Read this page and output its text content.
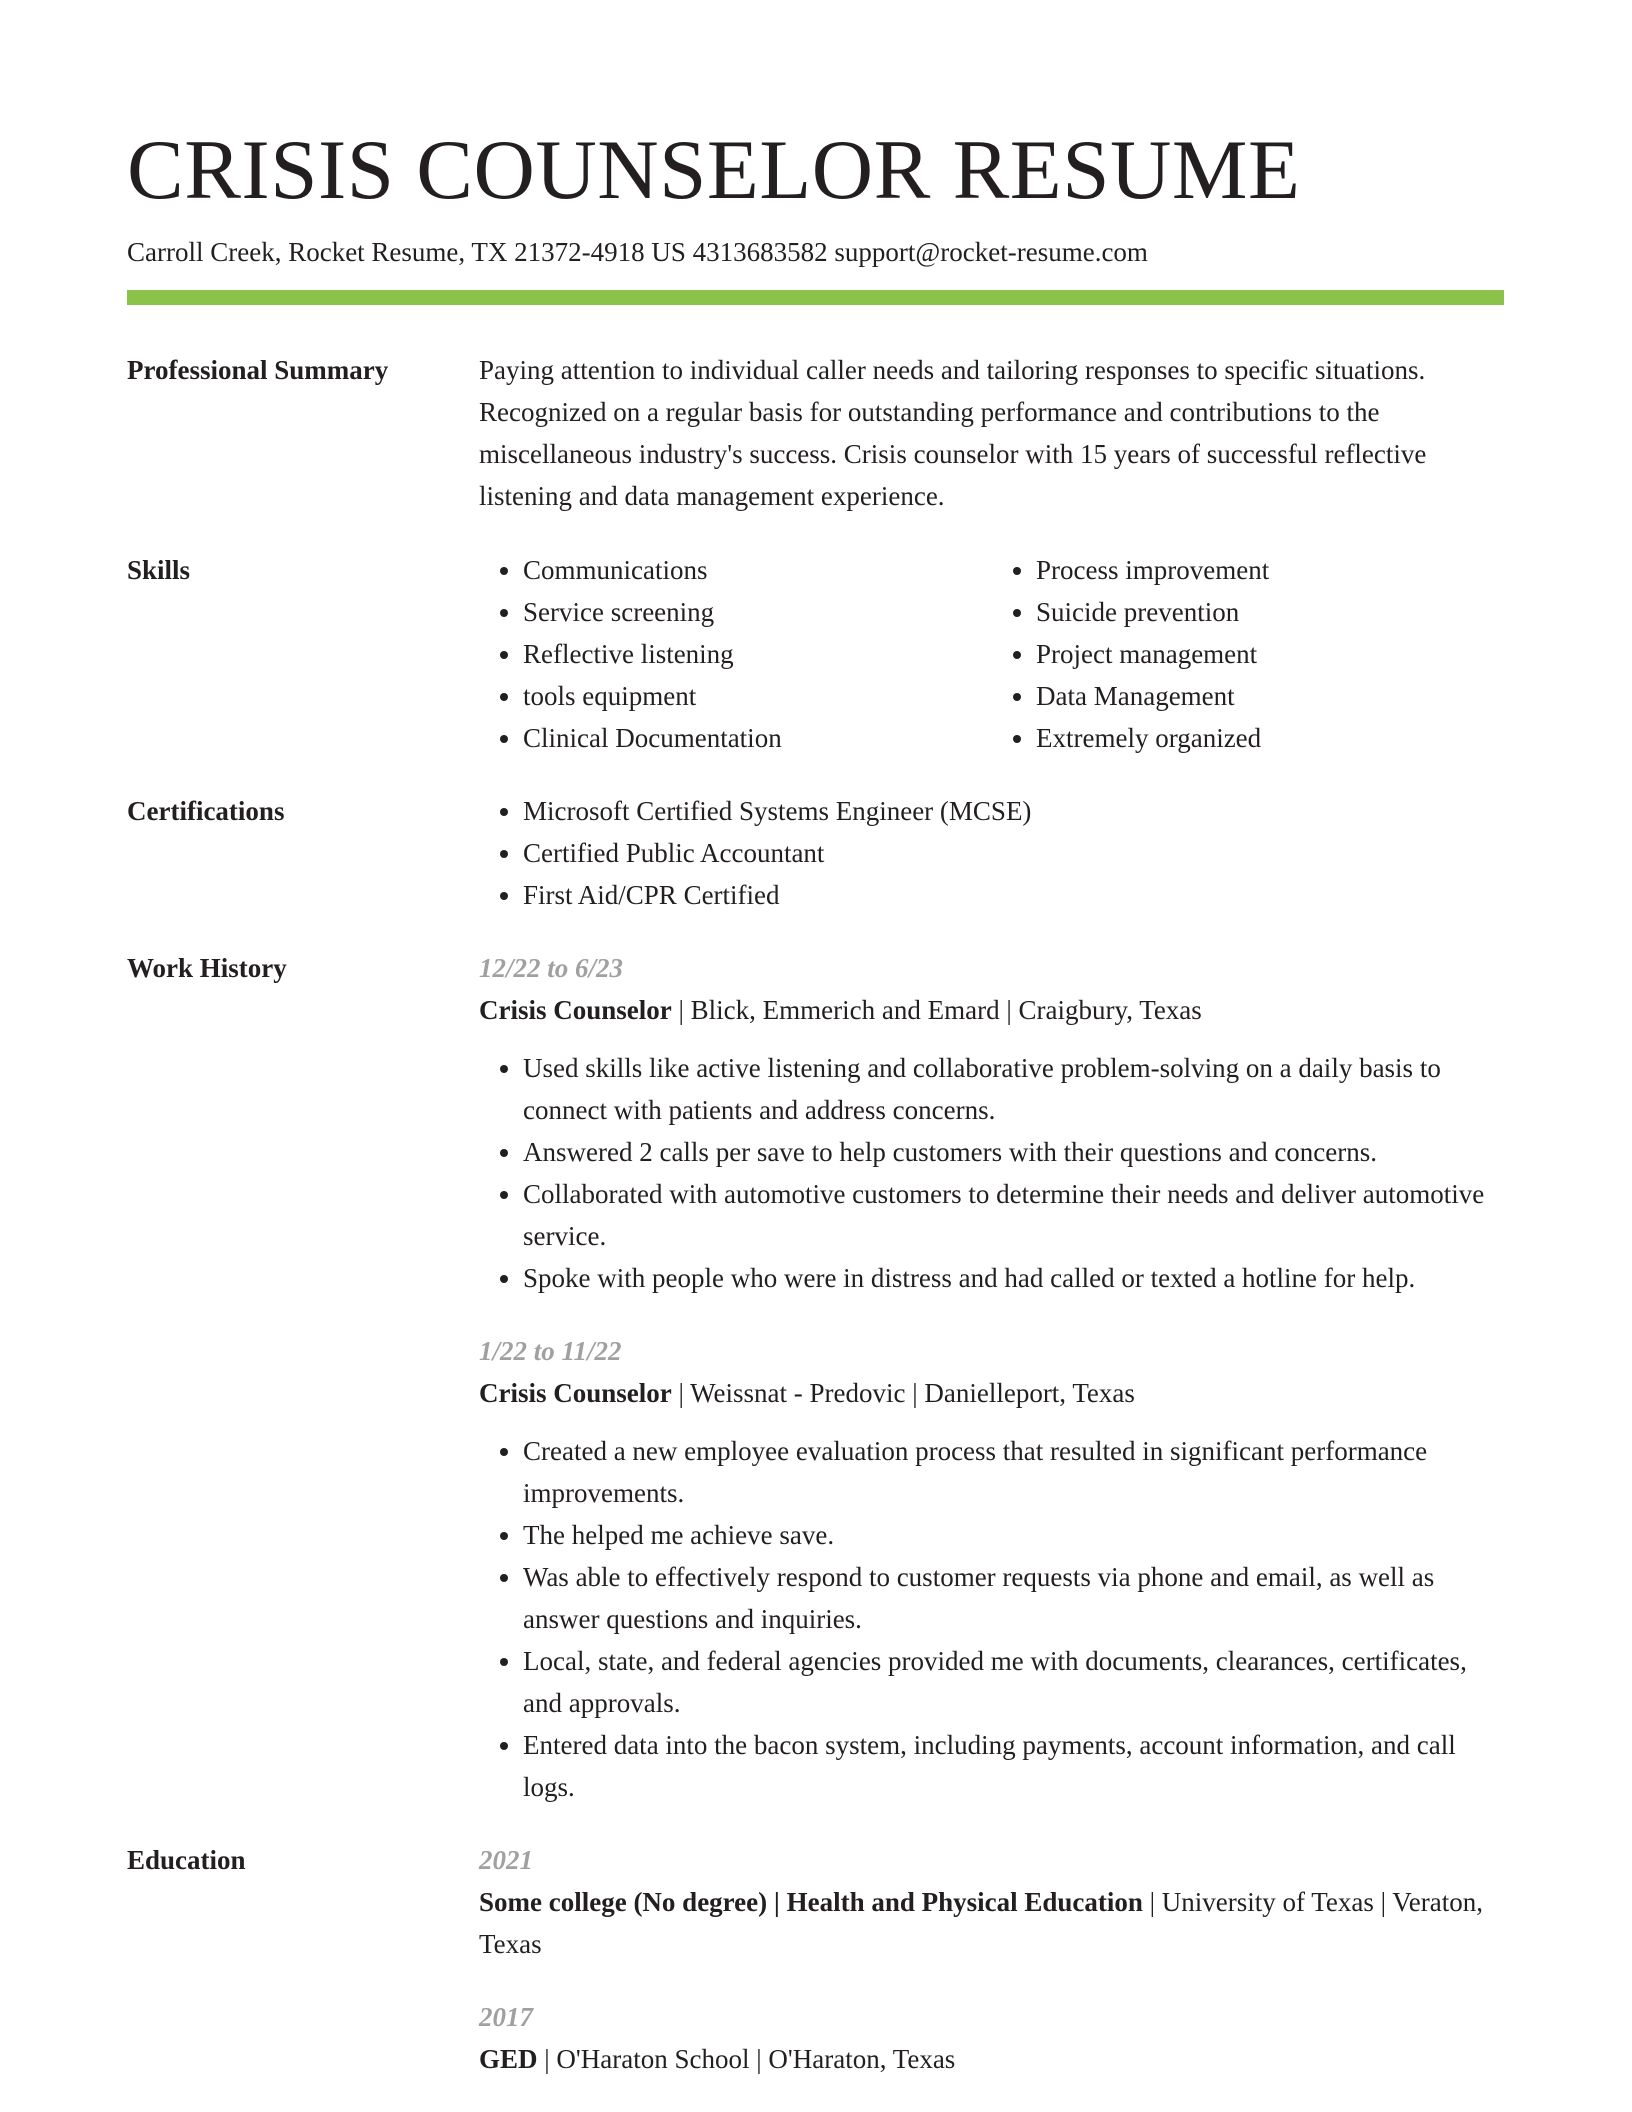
CRISIS COUNSELOR RESUME
Carroll Creek, Rocket Resume, TX 21372-4918 US 4313683582 support@rocket-resume.com
Professional Summary	Paying attention to individual caller needs and tailoring responses to specific situations. Recognized on a regular basis for outstanding performance and contributions to the miscellaneous industry's success. Crisis counselor with 15 years of successful reflective listening and data management experience.

Skills	• Communications
• Service screening
• Reflective listening
• tools equipment
• Clinical Documentation
• Process improvement
• Suicide prevention
• Project management
• Data Management
• Extremely organized
Certifications	• Microsoft Certified Systems Engineer (MCSE)
• Certified Public Accountant
• First Aid/CPR Certified
Work History	12/22 to 6/23
Crisis Counselor | Blick, Emmerich and Emard | Craigbury, Texas
• Used skills like active listening and collaborative problem-solving on a daily basis to connect with patients and address concerns.
• Answered 2 calls per save to help customers with their questions and concerns.
• Collaborated with automotive customers to determine their needs and deliver automotive service.
• Spoke with people who were in distress and had called or texted a hotline for help.
1/22 to 11/22
Crisis Counselor | Weissnat - Predovic | Danielleport, Texas
• Created a new employee evaluation process that resulted in significant performance improvements.
• The helped me achieve save.
• Was able to effectively respond to customer requests via phone and email, as well as answer questions and inquiries.
• Local, state, and federal agencies provided me with documents, clearances, certificates, and approvals.
• Entered data into the bacon system, including payments, account information, and call logs.
Education	2021
Some college (No degree) | Health and Physical Education | University of Texas | Veraton, Texas
2017
GED | O'Haraton School | O'Haraton, Texas
